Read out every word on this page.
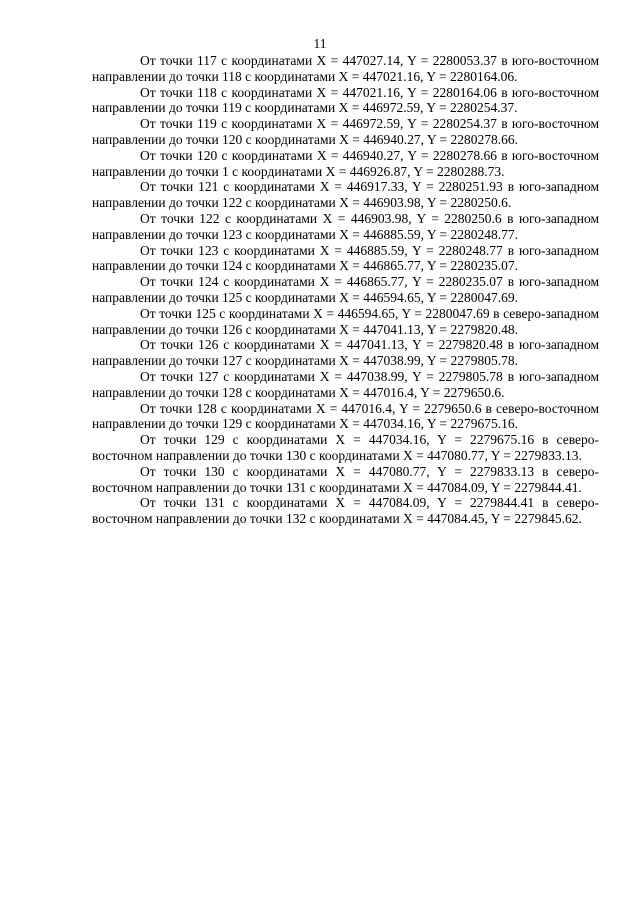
11

От точки 117 с координатами X = 447027.14, Y = 2280053.37 в юго-восточном направлении до точки 118 с координатами X = 447021.16, Y = 2280164.06.

От точки 118 с координатами X = 447021.16, Y = 2280164.06 в юго-восточном направлении до точки 119 с координатами X = 446972.59, Y = 2280254.37.

От точки 119 с координатами X = 446972.59, Y = 2280254.37 в юго-восточном направлении до точки 120 с координатами X = 446940.27, Y = 2280278.66.

От точки 120 с координатами X = 446940.27, Y = 2280278.66 в юго-восточном направлении до точки 1 с координатами X = 446926.87, Y = 2280288.73.

От точки 121 с координатами X = 446917.33, Y = 2280251.93 в юго-западном направлении до точки 122 с координатами X = 446903.98, Y = 2280250.6.

От точки 122 с координатами X = 446903.98, Y = 2280250.6 в юго-западном направлении до точки 123 с координатами X = 446885.59, Y = 2280248.77.

От точки 123 с координатами X = 446885.59, Y = 2280248.77 в юго-западном направлении до точки 124 с координатами X = 446865.77, Y = 2280235.07.

От точки 124 с координатами X = 446865.77, Y = 2280235.07 в юго-западном направлении до точки 125 с координатами X = 446594.65, Y = 2280047.69.

От точки 125 с координатами X = 446594.65, Y = 2280047.69 в северо-западном направлении до точки 126 с координатами X = 447041.13, Y = 2279820.48.

От точки 126 с координатами X = 447041.13, Y = 2279820.48 в юго-западном направлении до точки 127 с координатами X = 447038.99, Y = 2279805.78.

От точки 127 с координатами X = 447038.99, Y = 2279805.78 в юго-западном направлении до точки 128 с координатами X = 447016.4, Y = 2279650.6.

От точки 128 с координатами X = 447016.4, Y = 2279650.6 в северо-восточном направлении до точки 129 с координатами X = 447034.16, Y = 2279675.16.

От точки 129 с координатами X = 447034.16, Y = 2279675.16 в северо-восточном направлении до точки 130 с координатами X = 447080.77, Y = 2279833.13.

От точки 130 с координатами X = 447080.77, Y = 2279833.13 в северо-восточном направлении до точки 131 с координатами X = 447084.09, Y = 2279844.41.

От точки 131 с координатами X = 447084.09, Y = 2279844.41 в северо-восточном направлении до точки 132 с координатами X = 447084.45, Y = 2279845.62.
